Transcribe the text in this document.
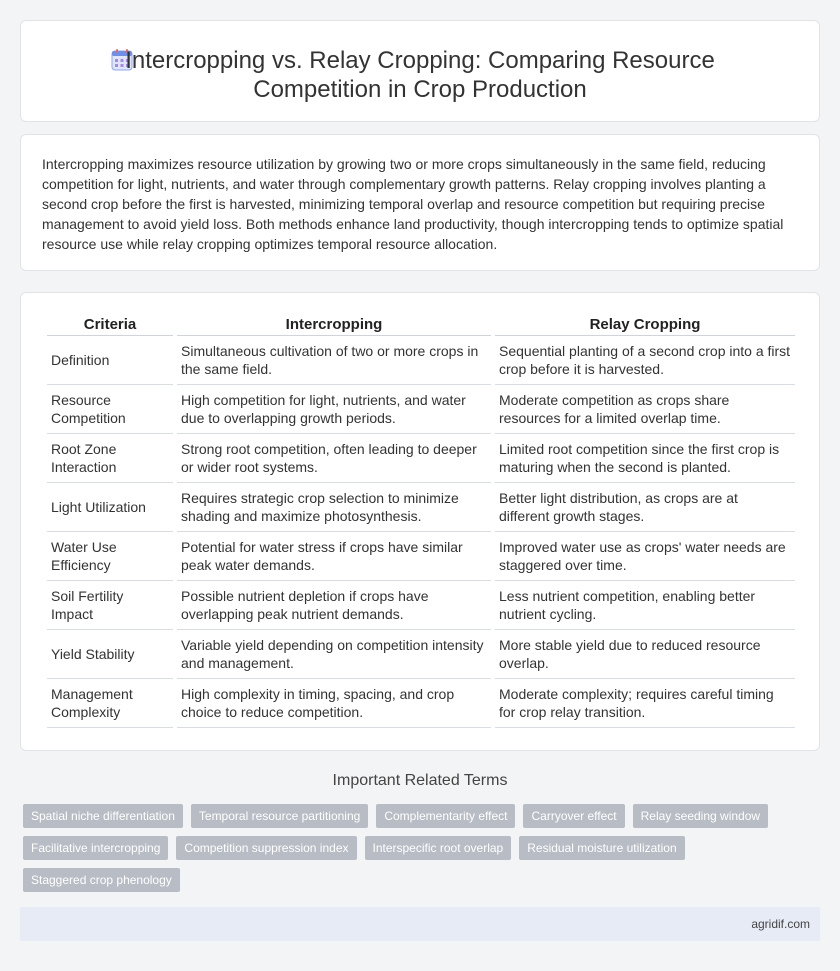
Intercropping vs. Relay Cropping: Comparing Resource Competition in Crop Production

Intercropping maximizes resource utilization by growing two or more crops simultaneously in the same field, reducing competition for light, nutrients, and water through complementary growth patterns. Relay cropping involves planting a second crop before the first is harvested, minimizing temporal overlap and resource competition but requiring precise management to avoid yield loss. Both methods enhance land productivity, though intercropping tends to optimize spatial resource use while relay cropping optimizes temporal resource allocation.

Criteria	Intercropping	Relay Cropping
Definition	Simultaneous cultivation of two or more crops in the same field.	Sequential planting of a second crop into a first crop before it is harvested.
Resource Competition	High competition for light, nutrients, and water due to overlapping growth periods.	Moderate competition as crops share resources for a limited overlap time.
Root Zone Interaction	Strong root competition, often leading to deeper or wider root systems.	Limited root competition since the first crop is maturing when the second is planted.
Light Utilization	Requires strategic crop selection to minimize shading and maximize photosynthesis.	Better light distribution, as crops are at different growth stages.
Water Use Efficiency	Potential for water stress if crops have similar peak water demands.	Improved water use as crops' water needs are staggered over time.
Soil Fertility Impact	Possible nutrient depletion if crops have overlapping peak nutrient demands.	Less nutrient competition, enabling better nutrient cycling.
Yield Stability	Variable yield depending on competition intensity and management.	More stable yield due to reduced resource overlap.
Management Complexity	High complexity in timing, spacing, and crop choice to reduce competition.	Moderate complexity; requires careful timing for crop relay transition.
Important Related Terms
Spatial niche differentiation	Temporal resource partitioning	Complementarity effect	Carryover effect	Relay seeding window
Facilitative intercropping	Competition suppression index	Interspecific root overlap	Residual moisture utilization
Staggered crop phenology
agridif.com
